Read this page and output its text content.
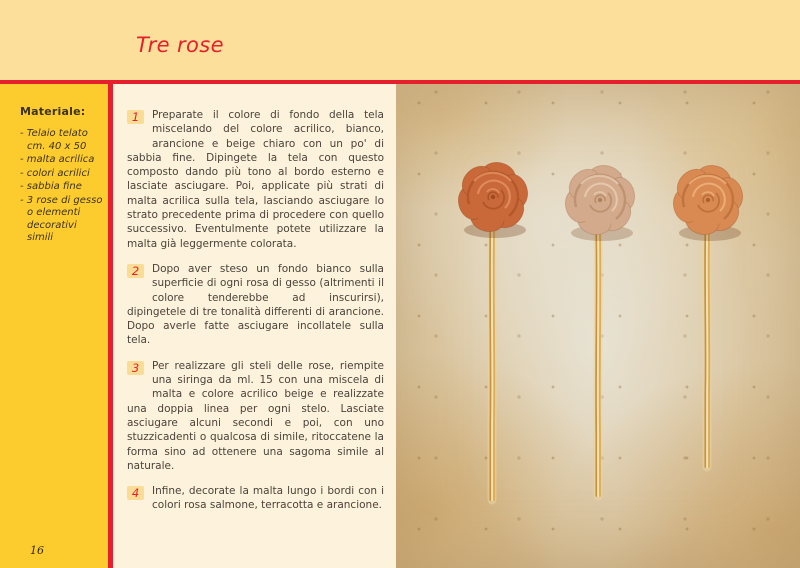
Tre rose
Materiale:
- Telaio telato cm. 40 x 50
- malta acrilica
- colori acrilici
- sabbia fine
- 3 rose di gesso o elementi decorativi simili
16
1	Preparate il colore di fondo della tela miscelando del colore acrilico, bianco, arancione e beige chiaro con un po' di sabbia fine. Dipingete la tela con questo composto dando più tono al bordo esterno e lasciate asciugare. Poi, applicate più strati di malta acrilica sulla tela, lasciando asciugare lo strato precedente prima di procedere con quello successivo. Eventulmente potete utilizzare la malta già leggermente colorata.

2	Dopo aver steso un fondo bianco sulla superficie di ogni rosa di gesso (altrimenti il colore tenderebbe ad inscurirsi), dipingetele di tre tonalità differenti di arancione. Dopo averle fatte asciugare incollatele sulla tela.

3	Per realizzare gli steli delle rose, riempite una siringa da ml. 15 con una miscela di malta e colore acrilico beige e realizzate una doppia linea per ogni stelo. Lasciate asciugare alcuni secondi e poi, con uno stuzzicadenti o qualcosa di simile, ritoccatene la forma sino ad ottenere una sagoma simile al naturale.

4	Infine, decorate la malta lungo i bordi con i colori rosa salmone, terracotta e arancione.
